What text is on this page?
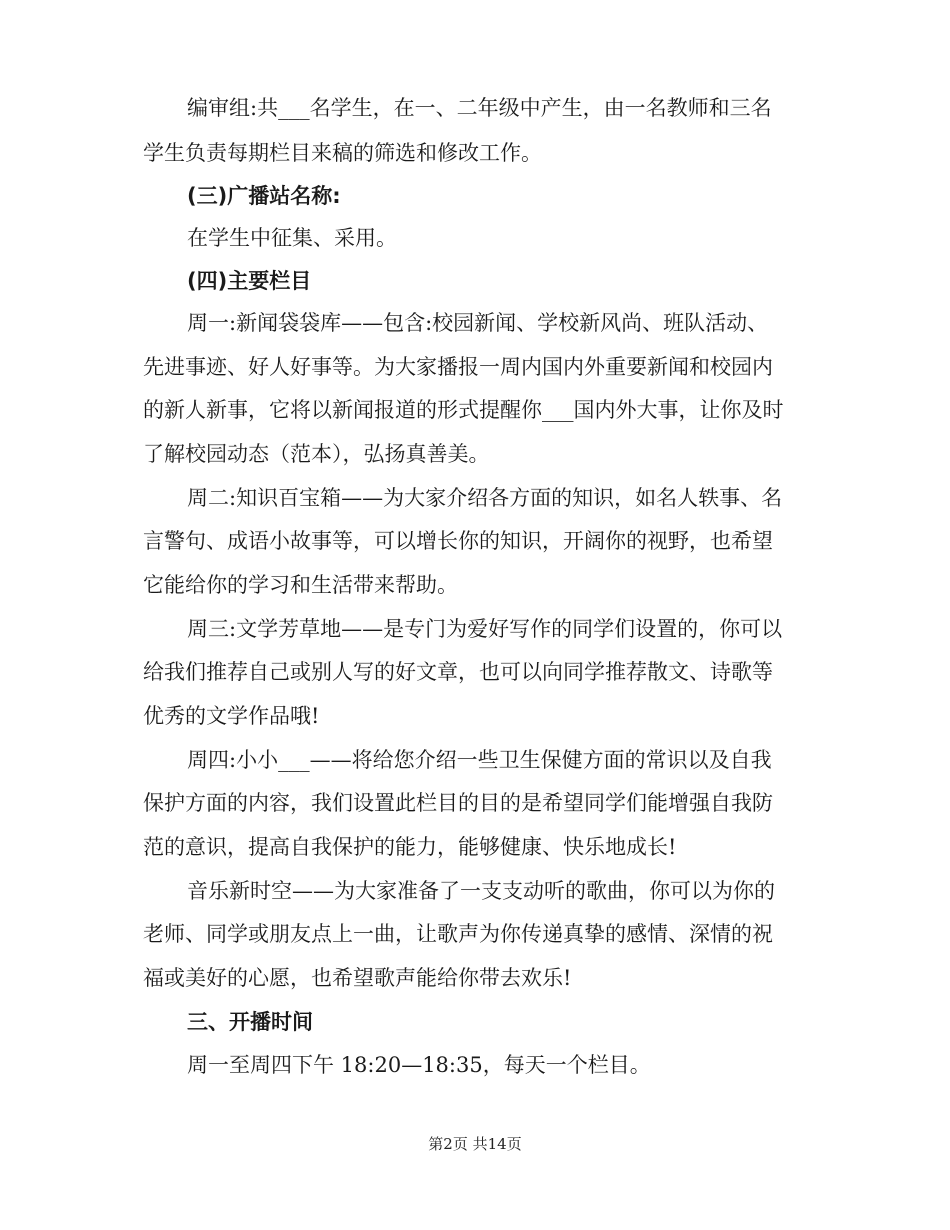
编审组:共___名学生，在一、二年级中产生，由一名教师和三名
学生负责每期栏目来稿的筛选和修改工作。
(三)广播站名称:
在学生中征集、采用。
(四)主要栏目
周一:新闻袋袋库——包含:校园新闻、学校新风尚、班队活动、
先进事迹、好人好事等。为大家播报一周内国内外重要新闻和校园内
的新人新事，它将以新闻报道的形式提醒你___国内外大事，让你及时
了解校园动态（范本），弘扬真善美。
周二:知识百宝箱——为大家介绍各方面的知识，如名人轶事、名
言警句、成语小故事等，可以增长你的知识，开阔你的视野，也希望
它能给你的学习和生活带来帮助。
周三:文学芳草地——是专门为爱好写作的同学们设置的，你可以
给我们推荐自己或别人写的好文章，也可以向同学推荐散文、诗歌等
优秀的文学作品哦!
周四:小小___——将给您介绍一些卫生保健方面的常识以及自我
保护方面的内容，我们设置此栏目的目的是希望同学们能增强自我防
范的意识，提高自我保护的能力，能够健康、快乐地成长!
音乐新时空——为大家准备了一支支动听的歌曲，你可以为你的
老师、同学或朋友点上一曲，让歌声为你传递真挚的感情、深情的祝
福或美好的心愿，也希望歌声能给你带去欢乐!
三、开播时间
周一至周四下午 18:20—18:35，每天一个栏目。
第2页 共14页
